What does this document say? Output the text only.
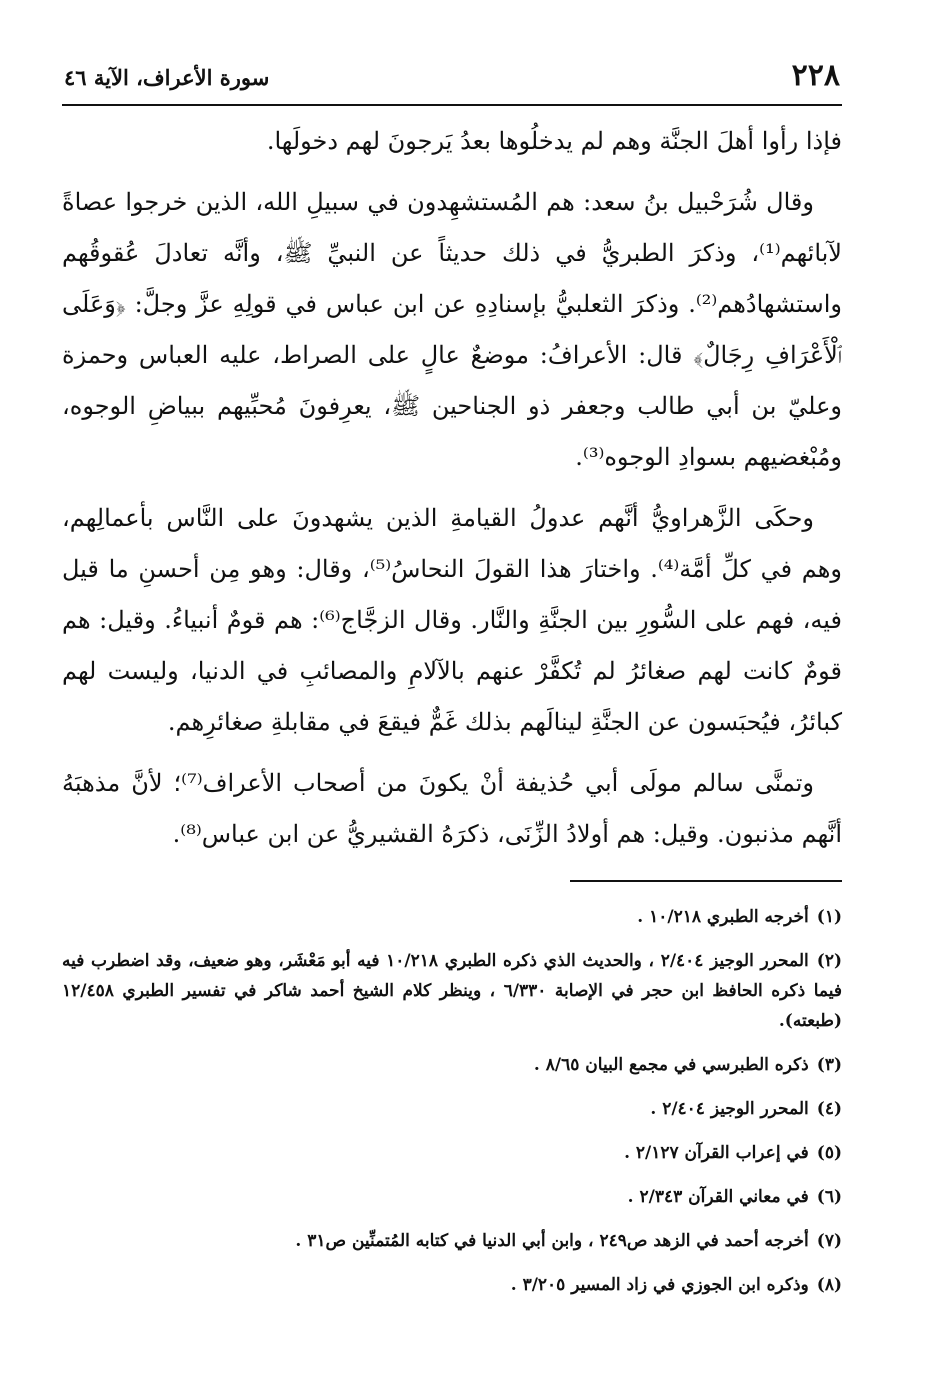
٢٢٨
سورة الأعراف، الآية ٤٦

فإذا رأوا أهلَ الجنَّة وهم لم يدخلُوها بعدُ يَرجونَ لهم دخولَها.

وقال شُرَحْبيل بنُ سعد: هم المُستشهِدون في سبيلِ الله، الذين خرجوا عصاةً لآبائهم⁽¹⁾، وذكرَ الطبريُّ في ذلك حديثاً عن النبيِّ ﷺ، وأنَّه تعادلَ عُقوقُهم واستشهادُهم⁽²⁾. وذكرَ الثعلبيُّ بإسنادِهِ عن ابن عباس في قولِهِ عزَّ وجلَّ: ﴿وَعَلَى ٱلْأَعْرَافِ رِجَالٌ﴾ قال: الأعرافُ: موضعٌ عالٍ على الصراط، عليه العباس وحمزة وعليّ بن أبي طالب وجعفر ذو الجناحين ﷺ، يعرِفونَ مُحبِّيهم ببياضِ الوجوه، ومُبْغضيهم بسوادِ الوجوه⁽³⁾.

وحكَى الزَّهراويُّ أنَّهم عدولُ القيامةِ الذين يشهدونَ على النَّاس بأعمالِهم، وهم في كلِّ أمَّة⁽⁴⁾. واختارَ هذا القولَ النحاسُ⁽⁵⁾، وقال: وهو مِن أحسنِ ما قيل فيه، فهم على السُّورِ بين الجنَّةِ والنَّار. وقال الزجَّاج⁽⁶⁾: هم قومٌ أنبياءُ. وقيل: هم قومٌ كانت لهم صغائرُ لم تُكفَّرْ عنهم بالآلامِ والمصائبِ في الدنيا، وليست لهم كبائرُ، فيُحبَسون عن الجنَّةِ لينالَهم بذلك غَمٌّ فيقعَ في مقابلةِ صغائرِهم.

وتمنَّى سالم مولَى أبي حُذيفة أنْ يكونَ من أصحاب الأعراف⁽⁷⁾؛ لأنَّ مذهبَهُ أنَّهم مذنبون. وقيل: هم أولادُ الزِّنَى، ذكرَهُ القشيريُّ عن ابن عباس⁽⁸⁾.

(١)أخرجه الطبري ١٠/٢١٨ .

(٢)المحرر الوجيز ٢/٤٠٤ ، والحديث الذي ذكره الطبري ١٠/٢١٨ فيه أبو مَعْشَر، وهو ضعيف، وقد اضطرب فيه فيما ذكره الحافظ ابن حجر في الإصابة ٦/٣٣٠ ، وينظر كلام الشيخ أحمد شاكر في تفسير الطبري ١٢/٤٥٨ (طبعته).

(٣)ذكره الطبرسي في مجمع البيان ٨/٦٥ .

(٤)المحرر الوجيز ٢/٤٠٤ .

(٥)في إعراب القرآن ٢/١٢٧ .

(٦)في معاني القرآن ٢/٣٤٣ .

(٧)أخرجه أحمد في الزهد ص٢٤٩ ، وابن أبي الدنيا في كتابه المُتمنِّين ص٣١ .

(٨)وذكره ابن الجوزي في زاد المسير ٣/٢٠٥ .
